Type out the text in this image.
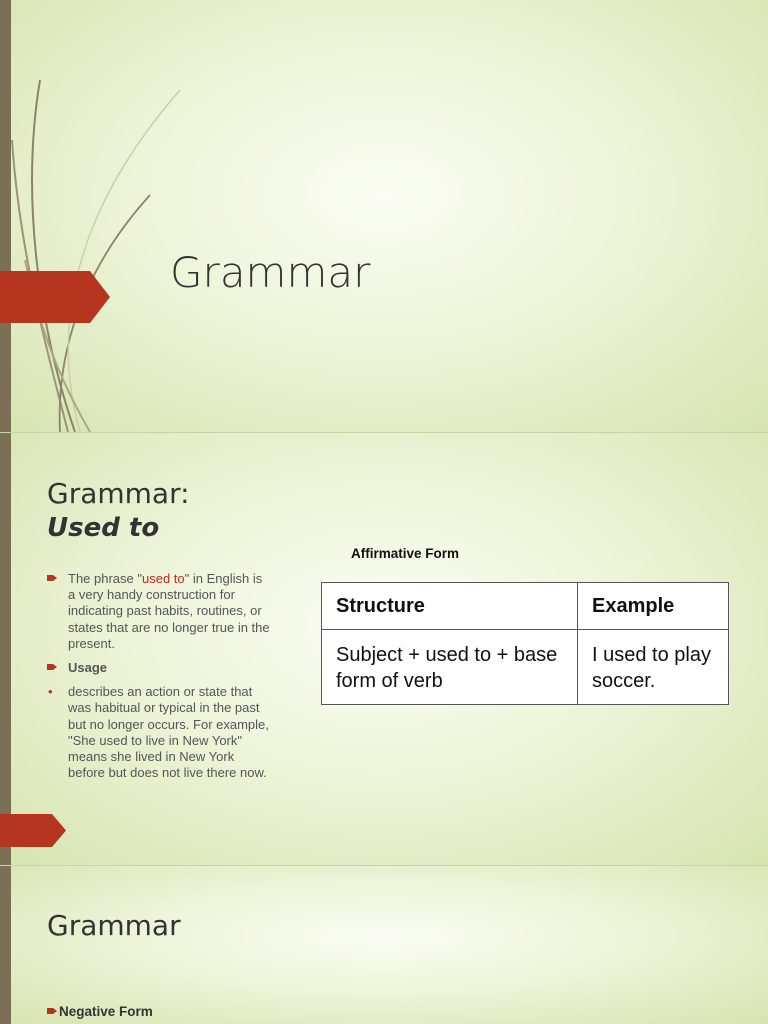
Grammar
Grammar:
Used to
The phrase "used to" in English is a very handy construction for indicating past habits, routines, or states that are no longer true in the present.
Usage
• describes an action or state that was habitual or typical in the past but no longer occurs. For example, "She used to live in New York" means she lived in New York before but does not live there now.
Affirmative Form
Structure	Example
Subject + used to + base form of verb	I used to play soccer.
Grammar
Negative Form
